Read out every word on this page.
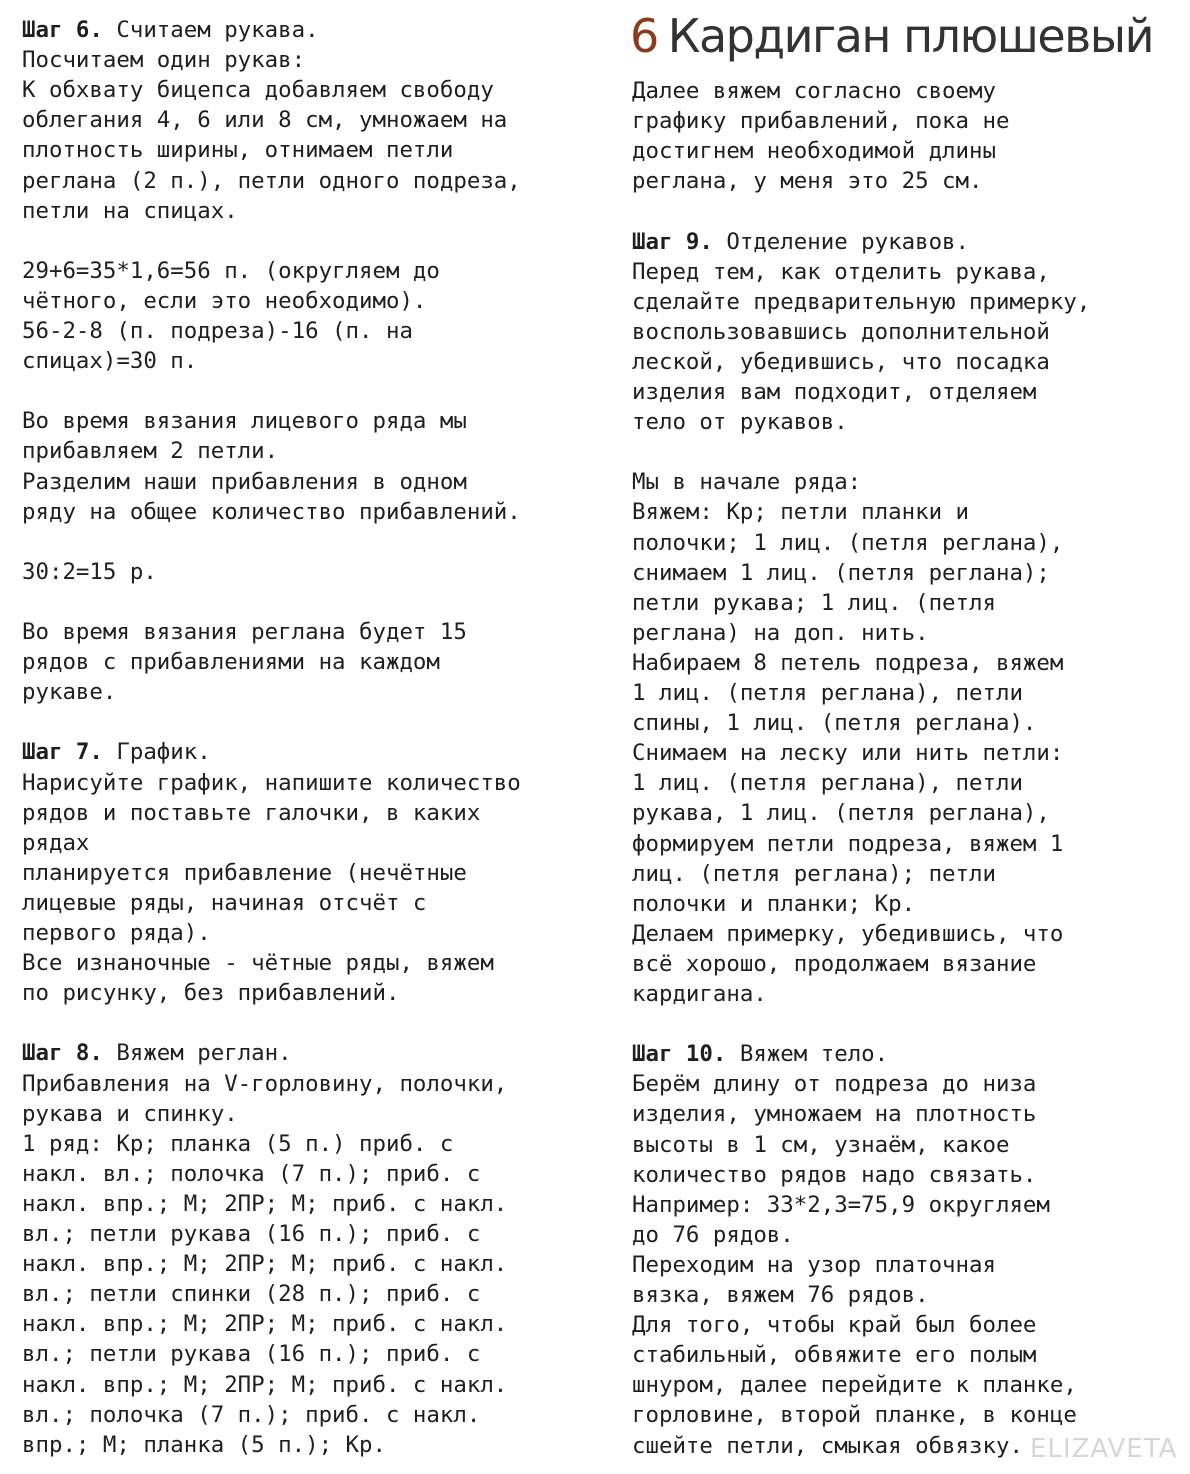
Шаг 6. Считаем рукава.
Посчитаем один рукав:
К обхвату бицепса добавляем свободу
облегания 4, 6 или 8 см, умножаем на
плотность ширины, отнимаем петли
реглана (2 п.), петли одного подреза,
петли на спицах.
29+6=35*1,6=56 п. (округляем до
чётного, если это необходимо).
56-2-8 (п. подреза)-16 (п. на
спицах)=30 п.
Во время вязания лицевого ряда мы
прибавляем 2 петли.
Разделим наши прибавления в одном
ряду на общее количество прибавлений.
30:2=15 р.
Во время вязания реглана будет 15
рядов с прибавлениями на каждом
рукаве.
Шаг 7. График.
Нарисуйте график, напишите количество
рядов и поставьте галочки, в каких
рядах
планируется прибавление (нечётные
лицевые ряды, начиная отсчёт с
первого ряда).
Все изнаночные - чётные ряды, вяжем
по рисунку, без прибавлений.
Шаг 8. Вяжем реглан.
Прибавления на V-горловину, полочки,
рукава и спинку.
1 ряд: Кр; планка (5 п.) приб. с
накл. вл.; полочка (7 п.); приб. с
накл. впр.; М; 2ПР; М; приб. с накл.
вл.; петли рукава (16 п.); приб. с
накл. впр.; М; 2ПР; М; приб. с накл.
вл.; петли спинки (28 п.); приб. с
накл. впр.; М; 2ПР; М; приб. с накл.
вл.; петли рукава (16 п.); приб. с
накл. впр.; М; 2ПР; М; приб. с накл.
вл.; полочка (7 п.); приб. с накл.
впр.; М; планка (5 п.); Кр.
6 Кардиган плюшевый
Далее вяжем согласно своему
графику прибавлений, пока не
достигнем необходимой длины
реглана, у меня это 25 см.
Шаг 9. Отделение рукавов.
Перед тем, как отделить рукава,
сделайте предварительную примерку,
воспользовавшись дополнительной
леской, убедившись, что посадка
изделия вам подходит, отделяем
тело от рукавов.
Мы в начале ряда:
Вяжем: Кр; петли планки и
полочки; 1 лиц. (петля реглана),
снимаем 1 лиц. (петля реглана);
петли рукава; 1 лиц. (петля
реглана) на доп. нить.
Набираем 8 петель подреза, вяжем
1 лиц. (петля реглана), петли
спины, 1 лиц. (петля реглана).
Снимаем на леску или нить петли:
1 лиц. (петля реглана), петли
рукава, 1 лиц. (петля реглана),
формируем петли подреза, вяжем 1
лиц. (петля реглана); петли
полочки и планки; Кр.
Делаем примерку, убедившись, что
всё хорошо, продолжаем вязание
кардигана.
Шаг 10. Вяжем тело.
Берём длину от подреза до низа
изделия, умножаем на плотность
высоты в 1 см, узнаём, какое
количество рядов надо связать.
Например: 33*2,3=75,9 округляем
до 76 рядов.
Переходим на узор платочная
вязка, вяжем 76 рядов.
Для того, чтобы край был более
стабильный, обвяжите его полым
шнуром, далее перейдите к планке,
горловине, второй планке, в конце
сшейте петли, смыкая обвязку. ELIZAVETA
